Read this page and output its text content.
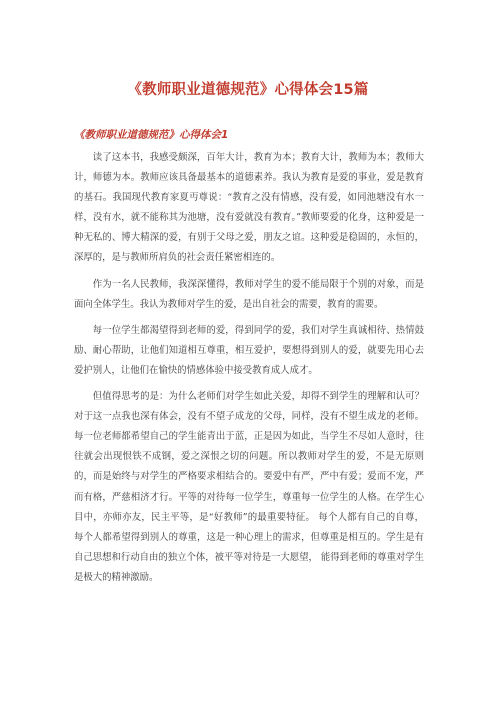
《教师职业道德规范》心得体会15篇
《教师职业道德规范》心得体会1

读了这本书，我感受颇深，百年大计，教育为本；教育大计，教师为本；教师大计，师德为本。教师应该具备最基本的道德素养。我认为教育是爱的事业，爱是教育的基石。我国现代教育家夏丏尊说：“教育之没有情感，没有爱，如同池塘没有水一样，没有水，就不能称其为池塘，没有爱就没有教育。”教师要爱的化身，这种爱是一种无私的、博大精深的爱，有别于父母之爱，朋友之谊。这种爱是稳固的，永恒的，深厚的，是与教师所肩负的社会责任紧密相连的。

作为一名人民教师，我深深懂得，教师对学生的爱不能局限于个别的对象，而是面向全体学生。我认为教师对学生的爱，是出自社会的需要，教育的需要。

每一位学生都渴望得到老师的爱，得到同学的爱，我们对学生真诚相待、热情鼓励、耐心帮助，让他们知道相互尊重，相互爱护，要想得到别人的爱，就要先用心去爱护别人，让他们在愉快的情感体验中接受教育成人成才。

但值得思考的是：为什么老师们对学生如此关爱，却得不到学生的理解和认可？对于这一点我也深有体会，没有不望子成龙的父母，同样，没有不望生成龙的老师。每一位老师都希望自己的学生能青出于蓝，正是因为如此，当学生不尽如人意时，往往就会出现恨铁不成钢，爱之深恨之切的问题。所以教师对学生的爱，不是无原则的，而是始终与对学生的严格要求相结合的。要爱中有严，严中有爱；爱而不宠，严而有格，严慈相济才行。平等的对待每一位学生，尊重每一位学生的人格。在学生心目中，亦师亦友，民主平等，是“好教师”的最重要特征。 每个人都有自己的自尊，每个人都希望得到别人的尊重，这是一种心理上的需求，但尊重是相互的。学生是有自己思想和行动自由的独立个体，被平等对待是一大愿望， 能得到老师的尊重对学生是极大的精神激励。
